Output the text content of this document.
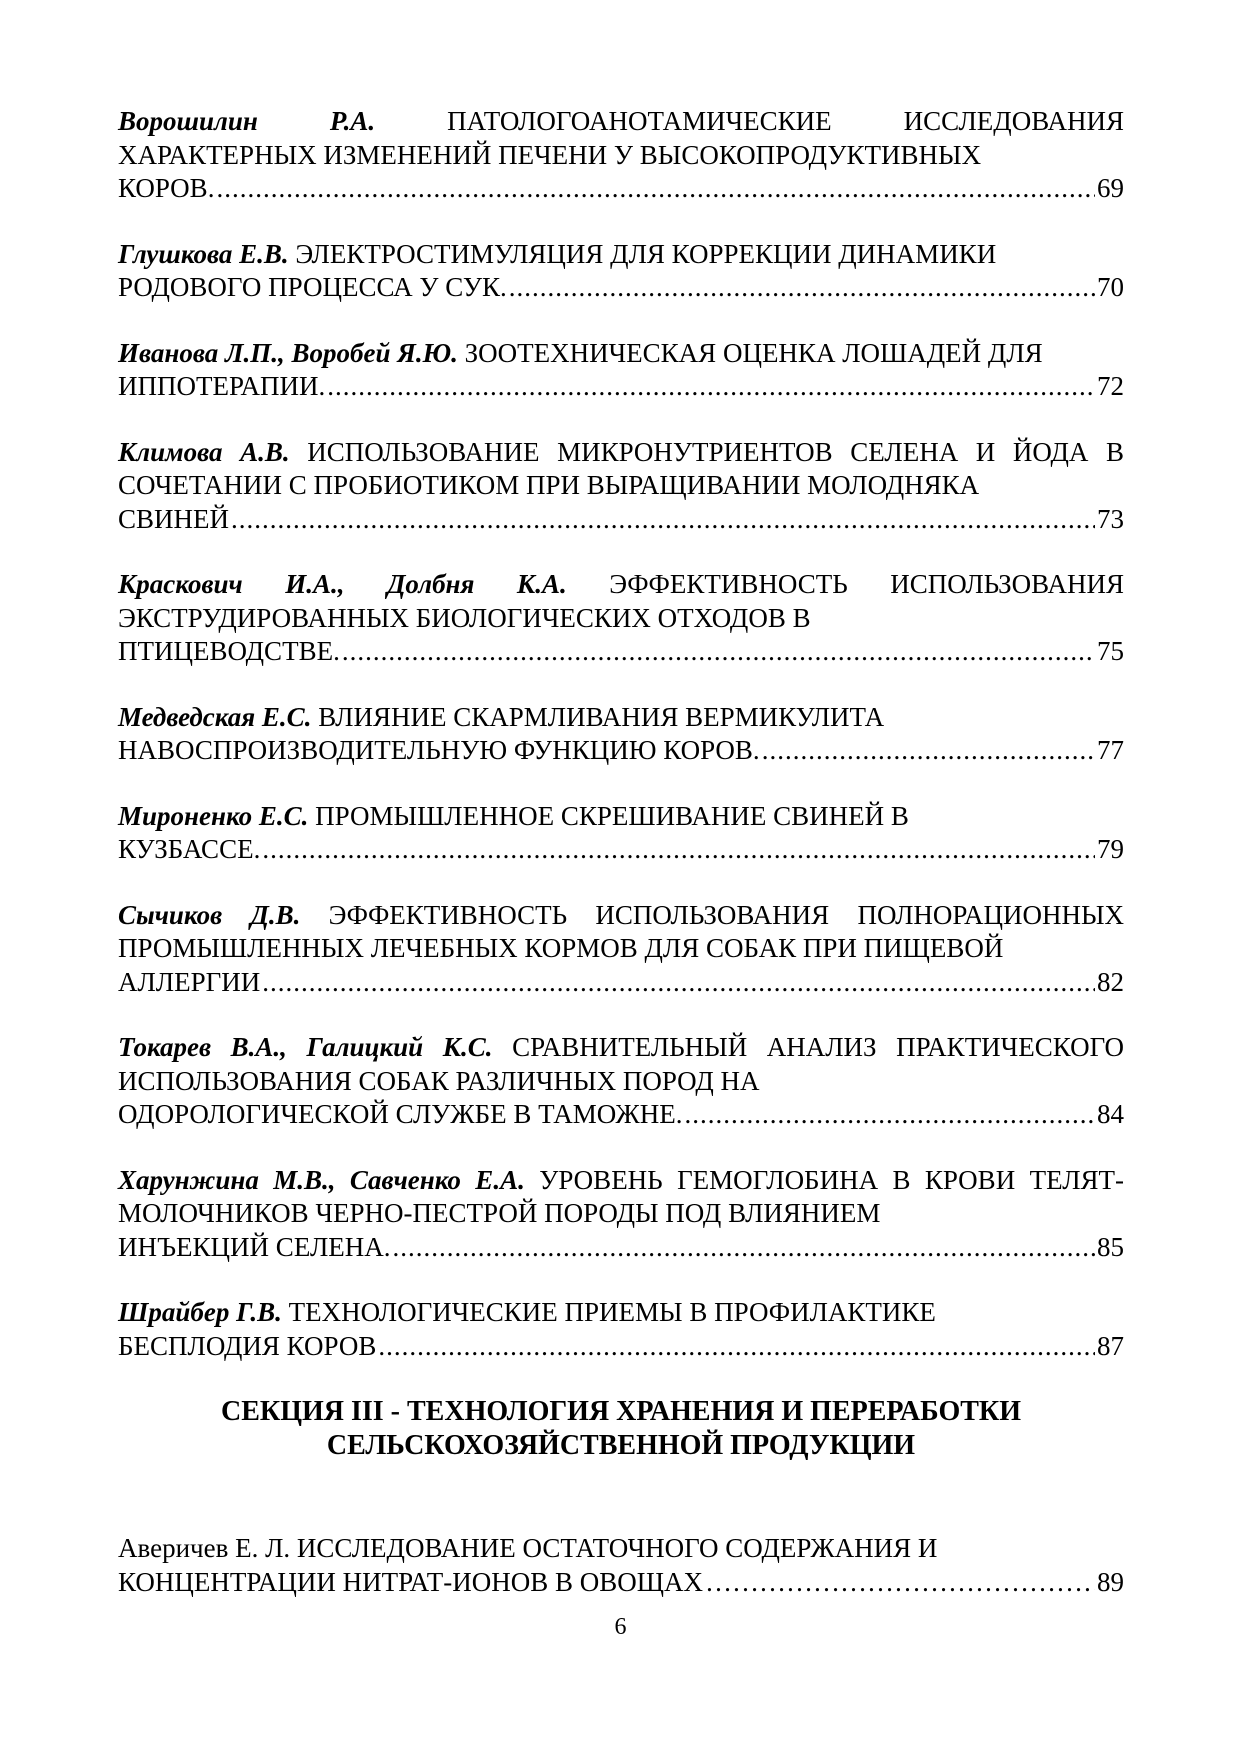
Ворошилин Р.А.	ПАТОЛОГОАНОТАМИЧЕСКИЕ ИССЛЕДОВАНИЯ ХАРАКТЕРНЫХ ИЗМЕНЕНИЙ ПЕЧЕНИ У ВЫСОКОПРОДУКТИВНЫХ
КОРОВ. .....	69
Глушкова Е.В. ЭЛЕКТРОСТИМУЛЯЦИЯ ДЛЯ КОРРЕКЦИИ ДИНАМИКИ
РОДОВОГО ПРОЦЕССА У СУК. .....	70
Иванова Л.П., Воробей Я.Ю. ЗООТЕХНИЧЕСКАЯ ОЦЕНКА ЛОШАДЕЙ ДЛЯ
ИППОТЕРАПИИ. .....	72
Климова А.В. ИСПОЛЬЗОВАНИЕ МИКРОНУТРИЕНТОВ СЕЛЕНА И ЙОДА В СОЧЕТАНИИ С ПРОБИОТИКОМ ПРИ ВЫРАЩИВАНИИ МОЛОДНЯКА
СВИНЕЙ .....	73
Краскович И.А., Долбня К.А. ЭФФЕКТИВНОСТЬ ИСПОЛЬЗОВАНИЯ ЭКСТРУДИРОВАННЫХ БИОЛОГИЧЕСКИХ ОТХОДОВ В
ПТИЦЕВОДСТВЕ. .....	75
Медведская Е.С. ВЛИЯНИЕ СКАРМЛИВАНИЯ ВЕРМИКУЛИТА
НАВОСПРОИЗВОДИТЕЛЬНУЮ ФУНКЦИЮ КОРОВ. .....	77
Мироненко Е.С. ПРОМЫШЛЕННОЕ СКРЕШИВАНИЕ СВИНЕЙ В
КУЗБАССЕ. .....	79
Сычиков Д.В. ЭФФЕКТИВНОСТЬ ИСПОЛЬЗОВАНИЯ ПОЛНОРАЦИОННЫХ ПРОМЫШЛЕННЫХ ЛЕЧЕБНЫХ КОРМОВ ДЛЯ СОБАК ПРИ ПИЩЕВОЙ
АЛЛЕРГИИ .....	82
Токарев В.А., Галицкий К.С. СРАВНИТЕЛЬНЫЙ АНАЛИЗ ПРАКТИЧЕСКОГО ИСПОЛЬЗОВАНИЯ СОБАК РАЗЛИЧНЫХ ПОРОД НА
ОДОРОЛОГИЧЕСКОЙ СЛУЖБЕ В ТАМОЖНЕ. .....	84
Харунжина М.В., Савченко Е.А. УРОВЕНЬ ГЕМОГЛОБИНА В КРОВИ ТЕЛЯТ-МОЛОЧНИКОВ ЧЕРНО-ПЕСТРОЙ ПОРОДЫ ПОД ВЛИЯНИЕМ
ИНЪЕКЦИЙ СЕЛЕНА. .....	85
Шрайбер Г.В. ТЕХНОЛОГИЧЕСКИЕ ПРИЕМЫ В ПРОФИЛАКТИКЕ
БЕСПЛОДИЯ КОРОВ .....	87
СЕКЦИЯ III - ТЕХНОЛОГИЯ ХРАНЕНИЯ И ПЕРЕРАБОТКИ
СЕЛЬСКОХОЗЯЙСТВЕННОЙ ПРОДУКЦИИ
Аверичев Е. Л. ИССЛЕДОВАНИЕ ОСТАТОЧНОГО СОДЕРЖАНИЯ И
КОНЦЕНТРАЦИИ НИТРАТ-ИОНОВ В ОВОЩАХ ………………………………………………………………………………………………………………………	89
6
